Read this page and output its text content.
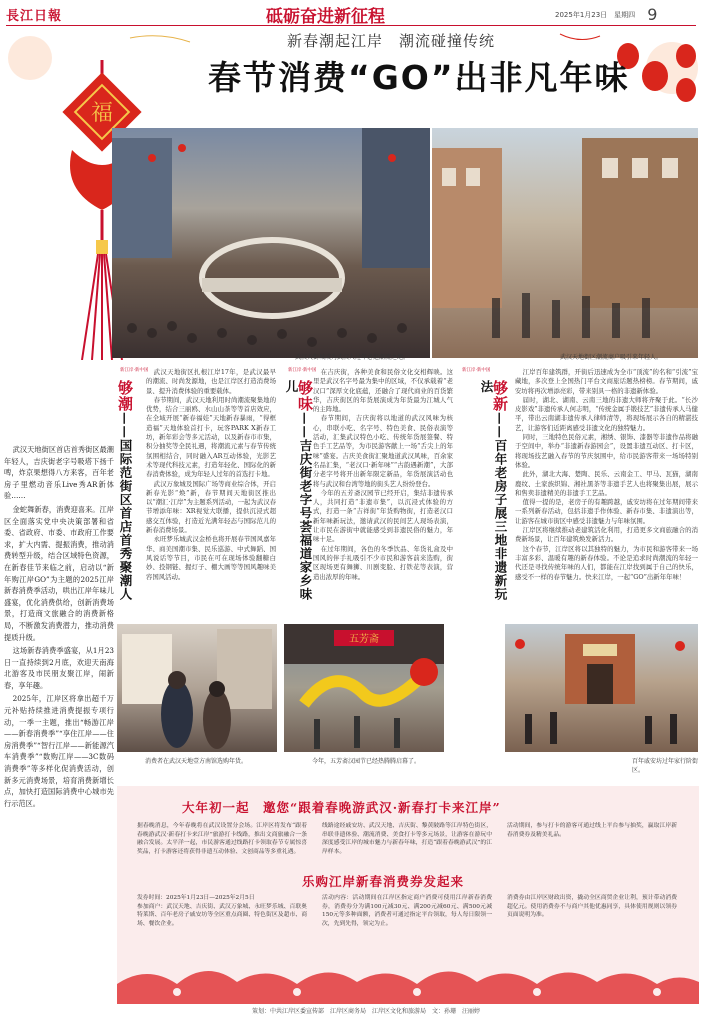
長江日報	砥砺奋进新征程	2025年1月23日　星期四 9
新春潮起江岸　潮流碰撞传统
春节消费“GO”出非凡年味
福
武汉天街城成为武汉人过年必逛潮流之地。	武汉天地街区潮流商户吸引来年轻人。

武汉天地街区首店首秀街区最潮年轻人，吉庆街老字号吸塔下扬千啤，炸京果想得八方来客，百年老房子里燃动音乐Live秀AR新体验……

金蛇舞新春，消费迎喜来。江岸区全面落实党中央决策部署和省委、省政府、市委、市政府工作要求，扩大内需、提振消费，推动消费转型升级，结合区域特色资源，在新春佳节来临之前，启动以“新年购江岸GO”为主题的2025江岸新春消费季活动，哄出江岸年味儿盛宴，优化消费供给，创新消费场景，打造商文旅融合的消费新格局，不断激发消费潜力，推动消费提质升级。

这场新春消费季盛宴，从1月23日一直持续到2月底，欢迎天南海北游客及市民朋友聚江岸，闹新春，享年趣。

2025年，江岸区将拿出超千万元补贴持续推进消费提振专项行动，一季一主题，推出“畅游江岸——新春消费季”“享住江岸——住房消费季”“智行江岸——新能源汽车消费季”“数购江岸——3C数码消费季”等多样化促消费活动，创新多元消费场景，培育消费新增长点，加快打造国际消费中心城市先行示范区。

新江岸·新中国
够潮——国际范街区首店首秀聚潮人

武汉天地街区扎根江岸17年，是武汉最早的潮流、时尚发源地，也是江岸区打造消费场景、提升消费体验的重要载体。

春节期间，武汉天地利用时尚潮流聚集地的优势，结合三丽鸥、水山山茶等等首店效应，在全域开展“新春福娃”天地新春暴雨，“得框造福”天地体验首打卡，玩客PARK X新春工坊，新年彩会等多元活动，以及新春市市集，积分抽奖等全民礼遇，将潮流元素与春节传统氛围相结合，同时融入AR互动体验，光影艺术等现代科技元素，打造年轻化、国际化的新春消费体验，成为年轻人过年的首选打卡地。

武汉万象城及国际广场等商业综合体，开启新春光影“焕”新，春节期间天地街区推出以“潮汇·江岸”为主题系列活动，一起为武汉春节增添年味：XR视觉大联播，提供沉浸式超感交互体验，打造近光满年轻态与国际范儿的新春消费场景。

永旺梦乐城武汉金桥也将开展春节国风嘉年华、商美国潮市集、民乐巡游、中式舞蹈、国风说话等节目，市民在可在现场体验翻糖白妙、投钢链、握灯子、棚大画等等国风趣味美容国风活动。

新江岸·新中国
够味——吉庆街老字号荟福道家乡味儿

在吉庆街，各种美食和民俗文化交相辉映。这里是武汉名字号最为集中的区域，不仅承载着“老汉口”深厚文化底蕴，还融合了现代商业的百货繁华，吉庆街区的年货展演成为年货最为江城人气的主阵地。

春节期间，吉庆街将以地道的武汉风味为核心，串联小吃、名字号、特色美食、民俗表演等活动，汇集武汉特色小吃、传统年货展签餐、特色手工艺品等，为市民游客献上一场“舌尖上的年味”盛宴。吉庆美食街汇聚地道武汉风味，百余家名品汇集，“老汉口·新年味”“古韵遇新潮”，大部分老字号将开出新年限定新品，年货展演活动也将与武汉和台湾等地的街头艺人纷纷登台。

今年的五芳斋汉园节已经开启，集结非遗传承人，共同打造“非遗市集”，以沉浸式体验的方式，打造一条“吉祥街”年货购物街，打造老汉口新年味新玩法，邀请武汉的民间艺人现场表演，让市民在游街中就能感受到非遗民俗的魅力，年味十足。

在过年期间，各色的冬季饮品、年货礼盒及中国风的伴手礼吸引不少市民和游客前来选购，街区现场更有舞狮、川剧变脸、打铁花等表演，营造出浓厚的年味。

新江岸·新中国
够新——百年老房子展三地非遗新玩法

江岸百年建筑群，开街后迅速成为全市“顶流”的名和“引流”宝藏地，多次登上全国热门平台文商旅话题热榜榜。春节期间，戚安坊将再次增添亮彩，带来别具一格的非遗新体验。

届时，湖北、湖南、云南三地的非遗大师将齐聚于此。“长沙皮影戏”非遗传承人何志明，“传统金属手锻技艺”非遗传承人马健平，带出云南湖非遗传承人律师清等，将现场展示各自的精湛技艺，让游客们近距离感受非遗文化的独特魅力。

同时，三地特色民俗元素，湘绣、银饰、漆器等非遗作品将融于空间中，举办“非遗新春游园会”，设置非遗互动区、打卡区，将现场技艺融入春节的节庆氛围中，给市民游客带来一场场特别体验。

此外，湖北大海、楚陶、民乐、云南金工、甲马、瓦猫，湖南鹿纹、土家族织锦、湘社黑茶等非遗手艺人也将聚集出展，展示和售卖非遗精美的非遗手工艺品。

值得一提的是，老房子的有趣跨越，戚安坊将在过年期间带来一系列新春活动，包括非遗手作体验、新春市集、非遗演出等，让游客在城市街区中感受非遗魅力与年味氛围。

江岸区将继续推动老建筑活化利用，打造更多文商旅融合的消费新场景，让百年建筑焕发新活力。

这个春节，江岸区将以其独特的魅力，为市民和游客带来一场丰富多彩、温暖有趣的新春体验。不论是追求时尚潮流的年轻一代还是寻找传统年味的人们，都能在江岸找到属于自己的快乐，感受不一样的春节魅力。快来江岸，一起“GO”出新年年味！

消费者在武汉天地壹方南馆选购年货。
五芳斋
今年，五芳斋汉园节已经热腾腾启幕了。	百年戚安坊过年家行阶街区。
大年初一起　邀您“跟着春晚游武汉·新春打卡来江岸”
据春晚消息，今年春晚将在武汉设置分会场。江岸区将发布“跟着春晚游武汉·新春打卡来江岸”旅游打卡线路，推出文商旅融合一条融合发展。太平洋一起，市民游客通过线路打卡领取春节专属惊喜奖品，打卡游客还将获得非遗互动体验、文创商品等多重礼遇。
线路途经戚安坊、武汉天地、吉庆街、黎黄陂路等江岸特色街区，串联非遗体验、潮流消费、美食打卡等多元场景，让游客在游玩中深度感受江岸的城市魅力与新春年味，打造“跟着春晚游武汉”的江岸样本。
活动期间，参与打卡的游客可通过线上平台参与抽奖，赢取江岸新春消费券及精美礼品。
乐购江岸新春消费券发起来
发券时间：2025年1月23日—2025年2月5日
参加商户：武汉天地、吉庆街、武汉万象城、永旺梦乐城、百联奥特莱斯、百年老房子戚安坊等全区重点商圈、特色街区及超市、商场、餐饮企业。
活动内容：活动期间在江岸区指定商户消费可使用江岸新春消费券，消费券分为满100元减30元、满200元减60元、满500元减150元等多种面额，消费者可通过指定平台领取，每人每日限领一次，先到先得，领完为止。
消费券由江岸区财政出资，撬动全区商贸企业让利，预计带动消费超亿元。使用消费券不与商户其他优惠同享，具体使用规则以领券页面说明为准。
策划：中共江岸区委宣传部　江岸区商务局　江岸区文化和旅游局　文：孙珊　汪丽婷
